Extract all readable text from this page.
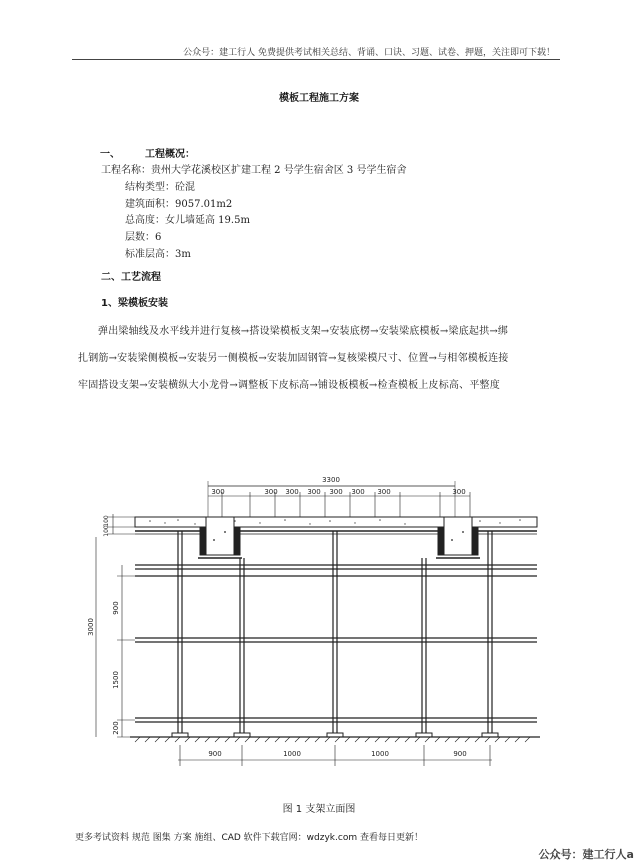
公众号：建工行人 免费提供考试相关总结、背诵、口诀、习题、试卷、押题，关注即可下载！
模板工程施工方案
一、	工程概况：
工程名称：贵州大学花溪校区扩建工程 2 号学生宿舍区 3 号学生宿舍
结构类型：砼混
建筑面积：9057.01m2
总高度：女儿墙延高 19.5m
层数：6
标准层高：3m
二、工艺流程
1、梁模板安装
弹出梁轴线及水平线并进行复核→搭设梁模板支架→安装底楞→安装梁底模板→梁底起拱→绑
扎钢筋→安装梁侧模板→安装另一侧模板→安装加固钢管→复核梁模尺寸、位置→与相邻模板连接
牢固搭设支架→安装横纵大小龙骨→调整板下皮标高→铺设板模板→检查模板上皮标高、平整度
3300
300	300 300 300 300 300 300	300
100
100
3000
900
1500
200
900	1000	1000	900
图 1 支架立面图
更多考试资料 规范 图集 方案 施组、CAD 软件下载官网：wdzyk.com 查看每日更新！
公众号：建工行人a
